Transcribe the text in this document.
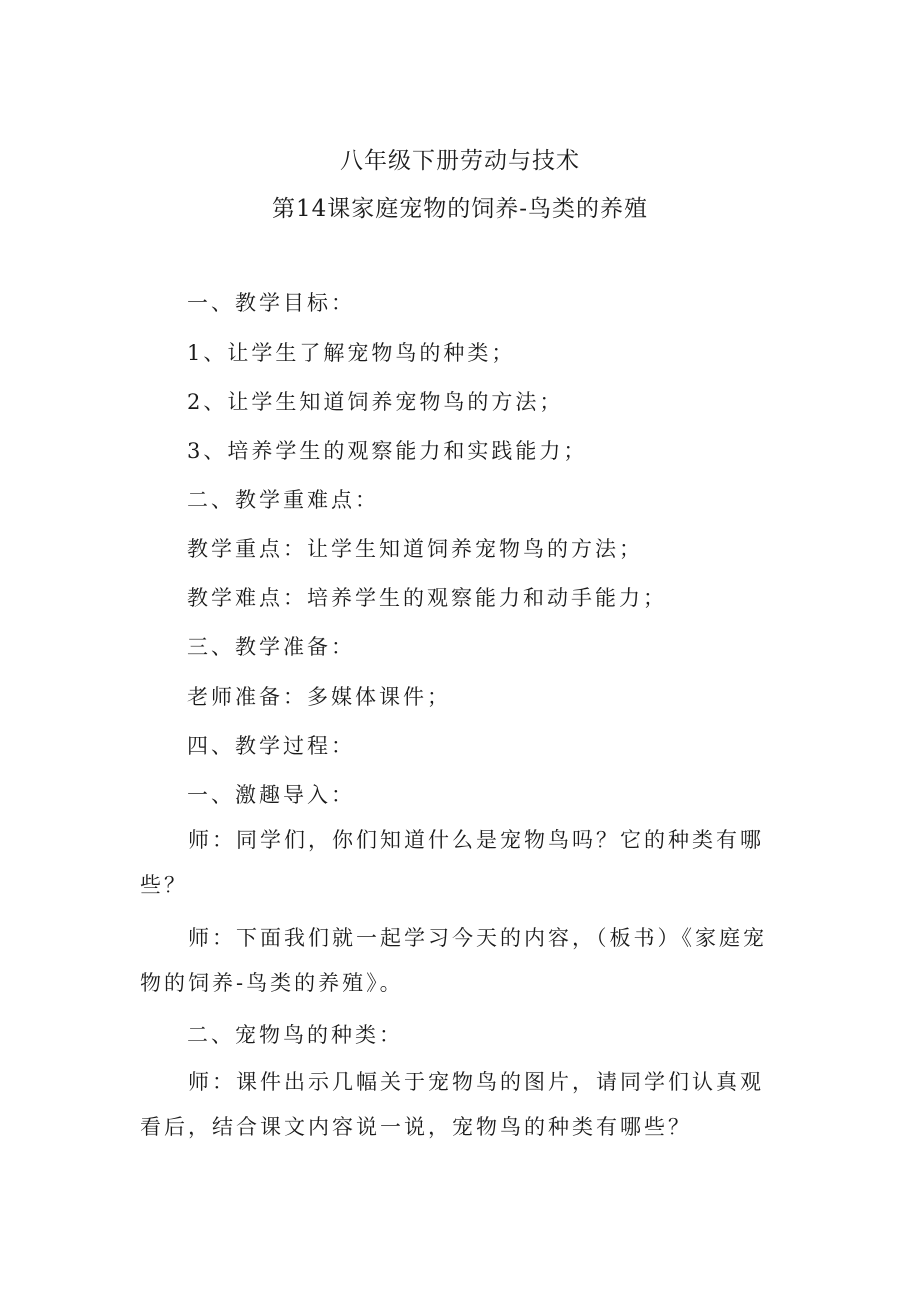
八年级下册劳动与技术
第14课家庭宠物的饲养-鸟类的养殖
一、教学目标：
1、让学生了解宠物鸟的种类；
2、让学生知道饲养宠物鸟的方法；
3、培养学生的观察能力和实践能力；
二、教学重难点：
教学重点：让学生知道饲养宠物鸟的方法；
教学难点：培养学生的观察能力和动手能力；
三、教学准备：
老师准备：多媒体课件；
四、教学过程：
一、激趣导入：
师：同学们，你们知道什么是宠物鸟吗？它的种类有哪些？
师：下面我们就一起学习今天的内容，（板书）《家庭宠物的饲养-鸟类的养殖》。
二、宠物鸟的种类：
师：课件出示几幅关于宠物鸟的图片，请同学们认真观看后，结合课文内容说一说，宠物鸟的种类有哪些？
